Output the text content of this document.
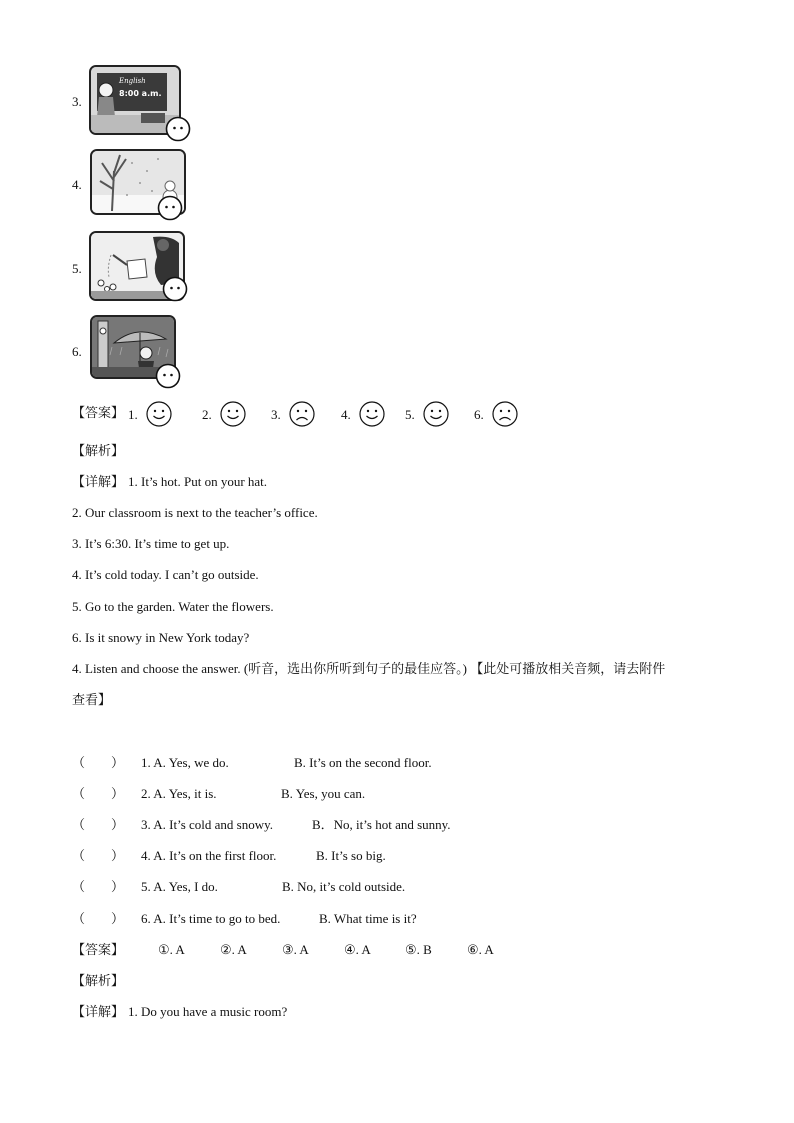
3.
English
8:00 a.m.
4.
5.
6.
【答案】 1.	2.	3.	4.	5.	6.
【解析】
【详解】 1. It’s hot. Put on your hat.
2. Our classroom is next to the teacher’s office.
3. It’s 6:30. It’s time to get up.
4. It’s cold today. I can’t go outside.
5. Go to the garden. Water the flowers.
6. Is it snowy in New York today?
4. Listen and choose the answer. (听音，选出你所听到句子的最佳应答。) 【此处可播放相关音频，请去附件
查看】
（　　） 1. A. Yes, we do.	B. It’s on the second floor.
（　　） 2. A. Yes, it is.	B. Yes, you can.
（　　） 3. A. It’s cold and snowy.	B．No, it’s hot and sunny.
（　　） 4. A. It’s on the first floor.	B. It’s so big.
（　　） 5. A. Yes, I do.	B. No, it’s cold outside.
（　　） 6. A. It’s time to go to bed.	B. What time is it?
【答案】	①. A	②. A	③. A	④. A	⑤. B	⑥. A
【解析】
【详解】 1. Do you have a music room?
